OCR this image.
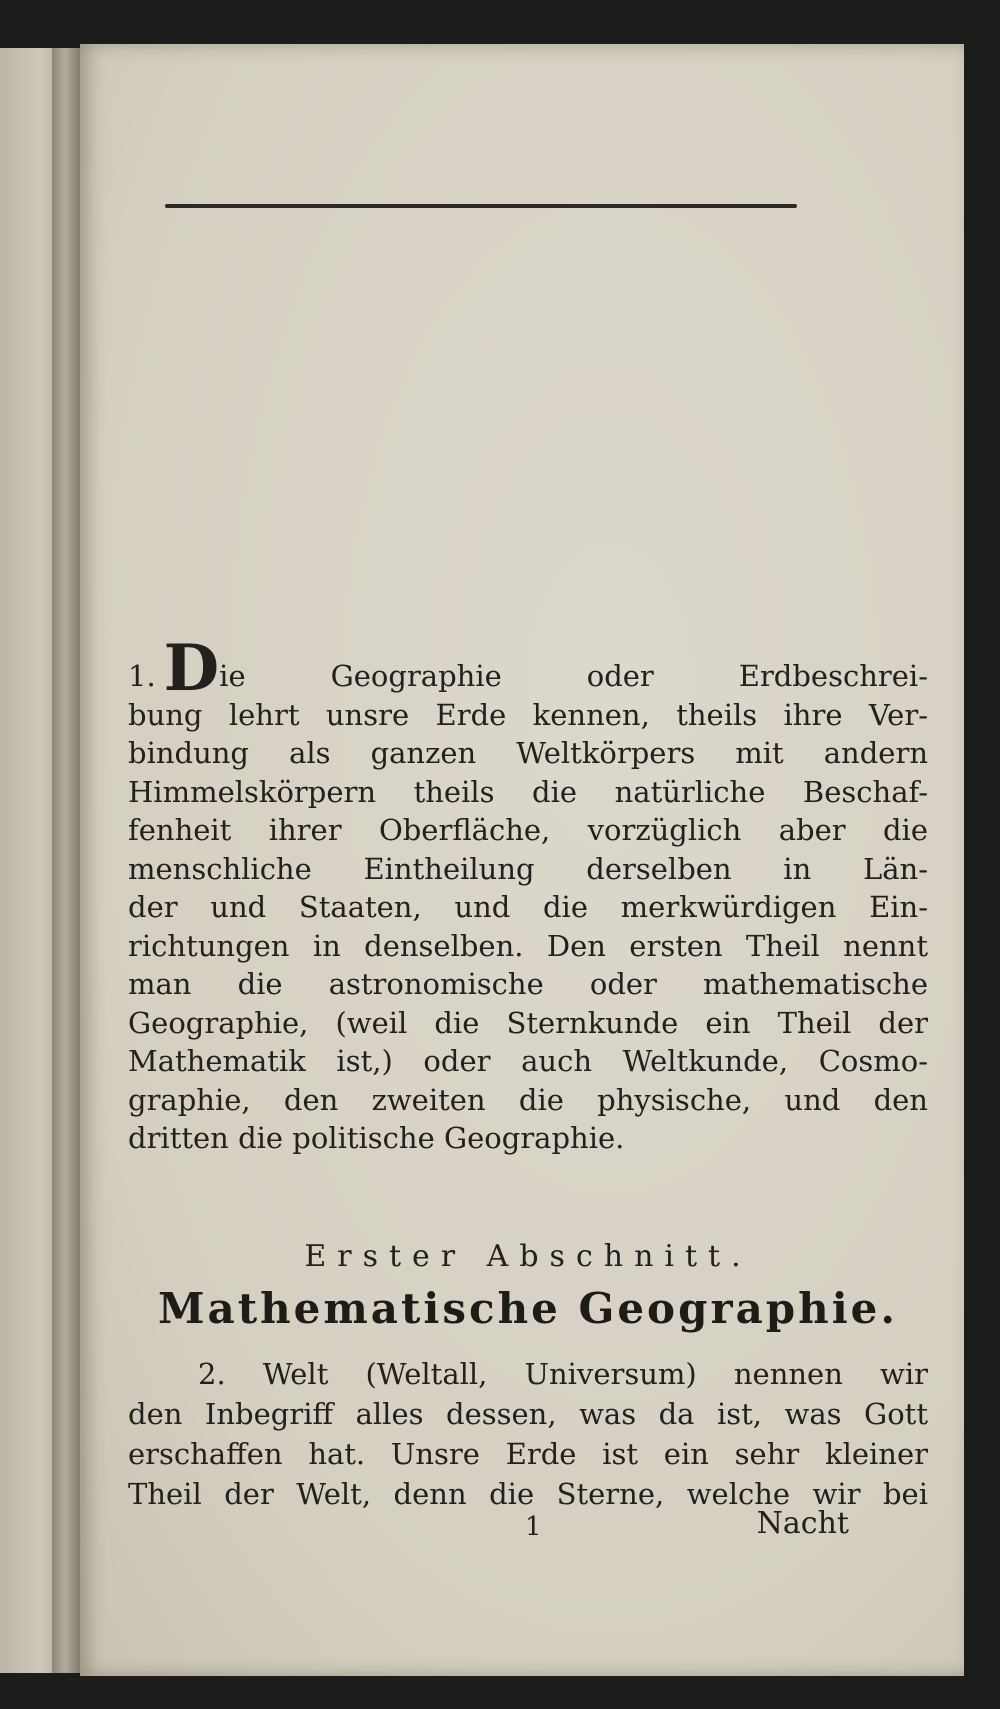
1. Die Geographie oder Erdbeschrei-
bung lehrt unsre Erde kennen, theils ihre Ver-
bindung als ganzen Weltkörpers mit andern
Himmelskörpern theils die natürliche Beschaf-
fenheit ihrer Oberfläche, vorzüglich aber die
menschliche Eintheilung derselben in Län-
der und Staaten, und die merkwürdigen Ein-
richtungen in denselben. Den ersten Theil nennt
man die astronomische oder mathematische
Geographie, (weil die Sternkunde ein Theil der
Mathematik ist,) oder auch Weltkunde, Cosmo-
graphie, den zweiten die physische, und den
dritten die politische Geographie.
Erster Abschnitt.
Mathematische Geographie.
2. Welt (Weltall, Universum) nennen wir
den Inbegriff alles dessen, was da ist, was Gott
erschaffen hat. Unsre Erde ist ein sehr kleiner
Theil der Welt, denn die Sterne, welche wir bei
1	Nacht
